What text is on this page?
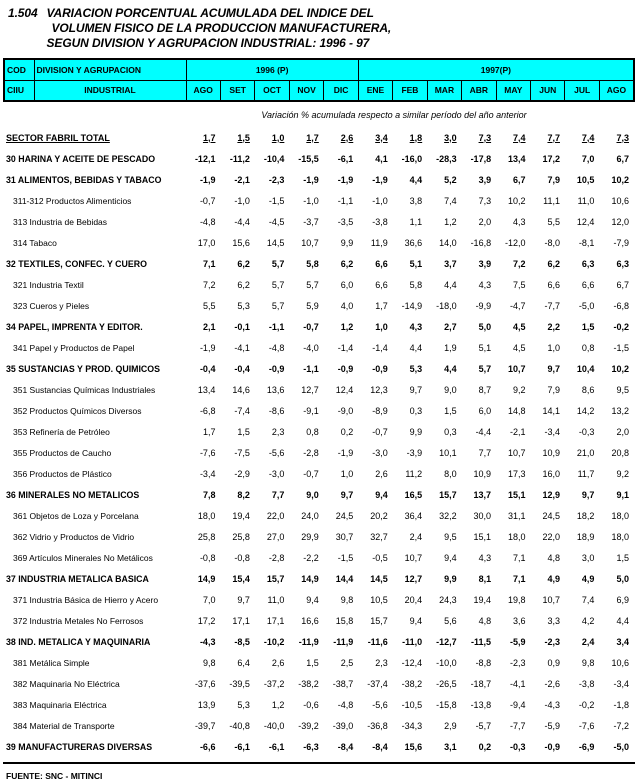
1.504 VARIACION PORCENTUAL ACUMULADA DEL INDICE DEL
VOLUMEN FISICO DE LA PRODUCCION MANUFACTURERA,
SEGUN DIVISION Y AGRUPACION INDUSTRIAL: 1996 - 97
COD	DIVISION Y AGRUPACION	1996 (P)					1997(P)							
CIIU	INDUSTRIAL	AGO	SET	OCT	NOV	DIC	ENE	FEB	MAR	ABR	MAY	JUN	JUL	AGO
Variación % acumulada respecto a similar período del año anterior														
SECTOR FABRIL TOTAL		1,7	1,5	1,0	1,7	2,6	3,4	1,8	3,0	7,3	7,4	7,7	7,4	7,3
30 HARINA Y ACEITE DE PESCADO		-12,1	-11,2	-10,4	-15,5	-6,1	4,1	-16,0	-28,3	-17,8	13,4	17,2	7,0	6,7
31 ALIMENTOS, BEBIDAS Y TABACO		-1,9	-2,1	-2,3	-1,9	-1,9	-1,9	4,4	5,2	3,9	6,7	7,9	10,5	10,2
311-312 Productos Alimenticios		-0,7	-1,0	-1,5	-1,0	-1,1	-1,0	3,8	7,4	7,3	10,2	11,1	11,0	10,6
313 Industria de Bebidas		-4,8	-4,4	-4,5	-3,7	-3,5	-3,8	1,1	1,2	2,0	4,3	5,5	12,4	12,0
314 Tabaco		17,0	15,6	14,5	10,7	9,9	11,9	36,6	14,0	-16,8	-12,0	-8,0	-8,1	-7,9
32 TEXTILES, CONFEC. Y CUERO		7,1	6,2	5,7	5,8	6,2	6,6	5,1	3,7	3,9	7,2	6,2	6,3	6,3
321 Industria Textil		7,2	6,2	5,7	5,7	6,0	6,6	5,8	4,4	4,3	7,5	6,6	6,6	6,7
323 Cueros y Pieles		5,5	5,3	5,7	5,9	4,0	1,7	-14,9	-18,0	-9,9	-4,7	-7,7	-5,0	-6,8
34 PAPEL, IMPRENTA Y EDITOR.		2,1	-0,1	-1,1	-0,7	1,2	1,0	4,3	2,7	5,0	4,5	2,2	1,5	-0,2
341 Papel y Productos de Papel		-1,9	-4,1	-4,8	-4,0	-1,4	-1,4	4,4	1,9	5,1	4,5	1,0	0,8	-1,5
35 SUSTANCIAS Y PROD. QUIMICOS		-0,4	-0,4	-0,9	-1,1	-0,9	-0,9	5,3	4,4	5,7	10,7	9,7	10,4	10,2
351 Sustancias Químicas Industriales		13,4	14,6	13,6	12,7	12,4	12,3	9,7	9,0	8,7	9,2	7,9	8,6	9,5
352 Productos Químicos Diversos		-6,8	-7,4	-8,6	-9,1	-9,0	-8,9	0,3	1,5	6,0	14,8	14,1	14,2	13,2
353 Refinería de Petróleo		1,7	1,5	2,3	0,8	0,2	-0,7	9,9	0,3	-4,4	-2,1	-3,4	-0,3	2,0
355 Productos de Caucho		-7,6	-7,5	-5,6	-2,8	-1,9	-3,0	-3,9	10,1	7,7	10,7	10,9	21,0	20,8
356 Productos de Plástico		-3,4	-2,9	-3,0	-0,7	1,0	2,6	11,2	8,0	10,9	17,3	16,0	11,7	9,2
36 MINERALES NO METALICOS		7,8	8,2	7,7	9,0	9,7	9,4	16,5	15,7	13,7	15,1	12,9	9,7	9,1
361 Objetos de Loza y Porcelana		18,0	19,4	22,0	24,0	24,5	20,2	36,4	32,2	30,0	31,1	24,5	18,2	18,0
362 Vidrio y Productos de Vidrio		25,8	25,8	27,0	29,9	30,7	32,7	2,4	9,5	15,1	18,0	22,0	18,9	18,0
369 Artículos Minerales No Metálicos		-0,8	-0,8	-2,8	-2,2	-1,5	-0,5	10,7	9,4	4,3	7,1	4,8	3,0	1,5
37 INDUSTRIA METALICA BASICA		14,9	15,4	15,7	14,9	14,4	14,5	12,7	9,9	8,1	7,1	4,9	4,9	5,0
371 Industria Básica de Hierro y Acero		7,0	9,7	11,0	9,4	9,8	10,5	20,4	24,3	19,4	19,8	10,7	7,4	6,9
372 Industria Metales No Ferrosos		17,2	17,1	17,1	16,6	15,8	15,7	9,4	5,6	4,8	3,6	3,3	4,2	4,4
38 IND. METALICA Y MAQUINARIA		-4,3	-8,5	-10,2	-11,9	-11,9	-11,6	-11,0	-12,7	-11,5	-5,9	-2,3	2,4	3,4
381 Metálica Simple		9,8	6,4	2,6	1,5	2,5	2,3	-12,4	-10,0	-8,8	-2,3	0,9	9,8	10,6
382 Maquinaria No Eléctrica		-37,6	-39,5	-37,2	-38,2	-38,7	-37,4	-38,2	-26,5	-18,7	-4,1	-2,6	-3,8	-3,4
383 Maquinaria Eléctrica		13,9	5,3	1,2	-0,6	-4,8	-5,6	-10,5	-15,8	-13,8	-9,4	-4,3	-0,2	-1,8
384 Material de Transporte		-39,7	-40,8	-40,0	-39,2	-39,0	-36,8	-34,3	2,9	-5,7	-7,7	-5,9	-7,6	-7,2
39 MANUFACTURERAS DIVERSAS		-6,6	-6,1	-6,1	-6,3	-8,4	-8,4	15,6	3,1	0,2	-0,3	-0,9	-6,9	-5,0
FUENTE: SNC - MITINCI
